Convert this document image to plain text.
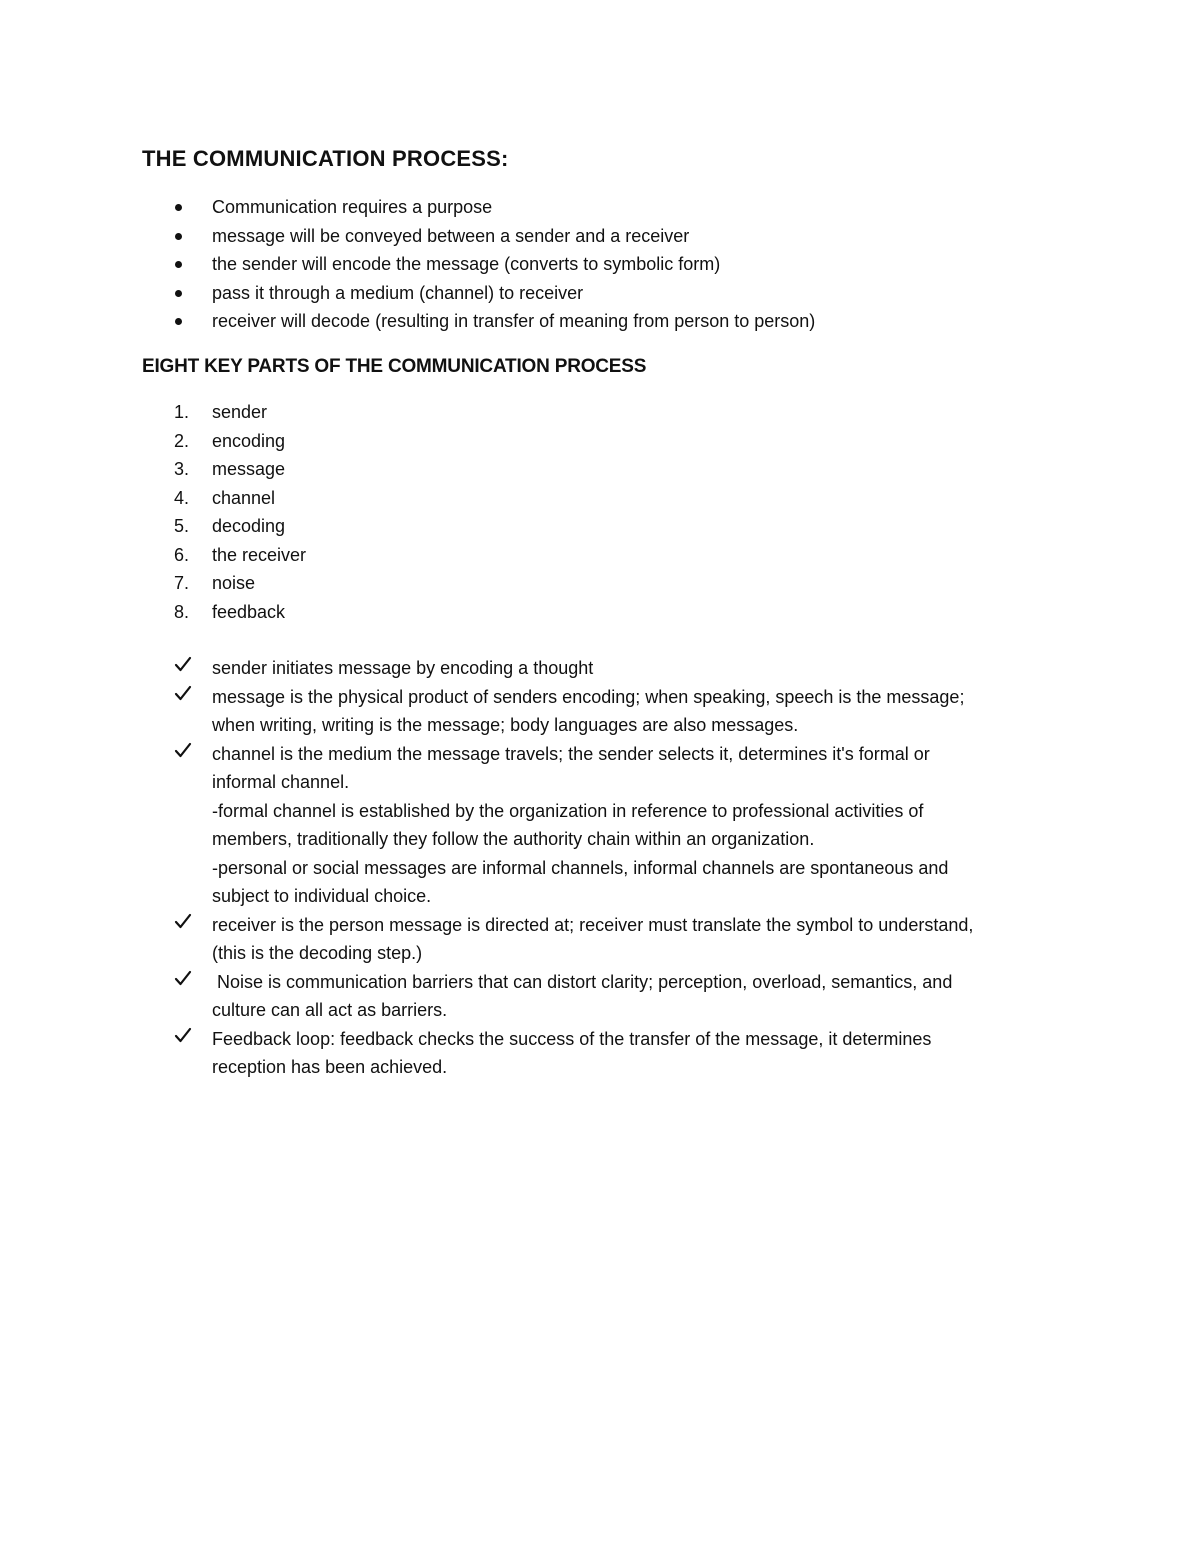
THE COMMUNICATION PROCESS:
Communication requires a purpose
message will be conveyed between a sender and a receiver
the sender will encode the message (converts to symbolic form)
pass it through a medium (channel) to receiver
receiver will decode (resulting in transfer of meaning from person to person)
EIGHT KEY PARTS OF THE COMMUNICATION PROCESS
1. sender
2. encoding
3. message
4. channel
5. decoding
6. the receiver
7. noise
8. feedback
sender initiates message by encoding a thought
message is the physical product of senders encoding; when speaking, speech is the message;
when writing, writing is the message; body languages are also messages.
channel is the medium the message travels; the sender selects it, determines it's formal or
informal channel.
-formal channel is established by the organization in reference to professional activities of
members, traditionally they follow the authority chain within an organization.
-personal or social messages are informal channels, informal channels are spontaneous and
subject to individual choice.
receiver is the person message is directed at; receiver must translate the symbol to understand,
(this is the decoding step.)
Noise is communication barriers that can distort clarity; perception, overload, semantics, and
culture can all act as barriers.
Feedback loop: feedback checks the success of the transfer of the message, it determines
reception has been achieved.
